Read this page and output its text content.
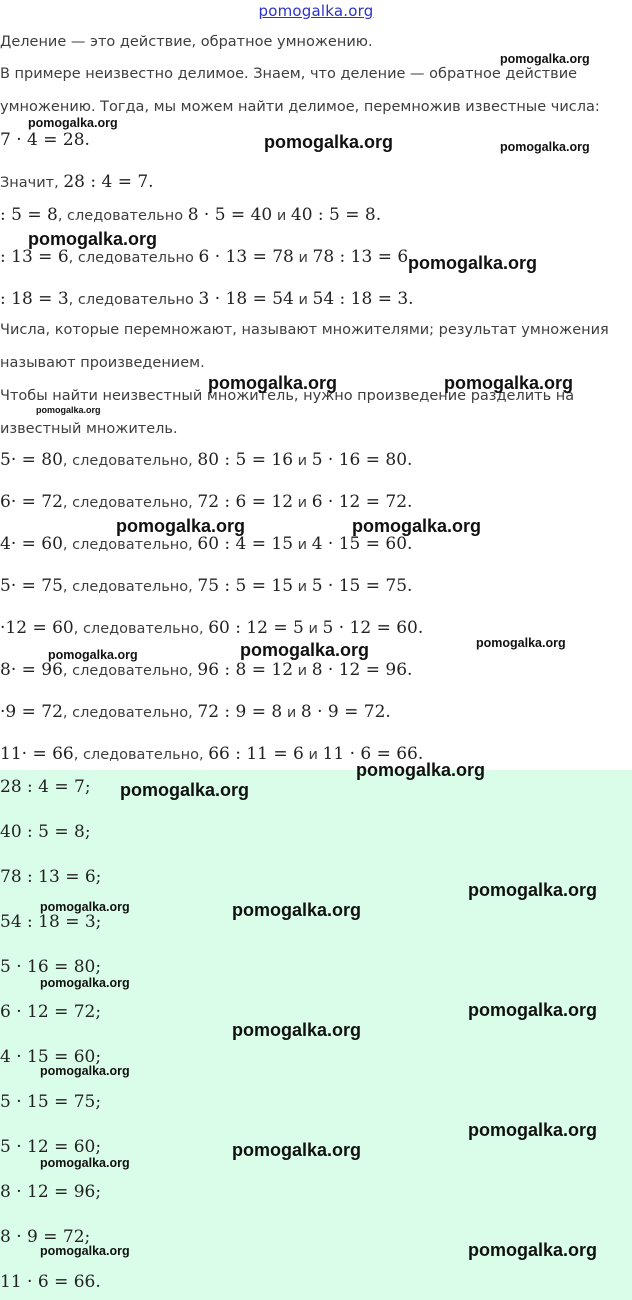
pomogalka.org
Деление — это действие, обратное умножению.
В примере неизвестно делимое. Знаем, что деление — обратное действие
умножению. Тогда, мы можем найти делимое, перемножив известные числа:
7 · 4 = 28.
Значит, 28 : 4 = 7.
: 5 = 8, следовательно 8 · 5 = 40 и 40 : 5 = 8.
: 13 = 6, следовательно 6 · 13 = 78 и 78 : 13 = 6.
: 18 = 3, следовательно 3 · 18 = 54 и 54 : 18 = 3.
Числа, которые перемножают, называют множителями; результат умножения
называют произведением.
Чтобы найти неизвестный множитель, нужно произведение разделить на
известный множитель.
5· = 80, следовательно, 80 : 5 = 16 и 5 · 16 = 80.
6· = 72, следовательно, 72 : 6 = 12 и 6 · 12 = 72.
4· = 60, следовательно, 60 : 4 = 15 и 4 · 15 = 60.
5· = 75, следовательно, 75 : 5 = 15 и 5 · 15 = 75.
·12 = 60, следовательно, 60 : 12 = 5 и 5 · 12 = 60.
8· = 96, следовательно, 96 : 8 = 12 и 8 · 12 = 96.
·9 = 72, следовательно, 72 : 9 = 8 и 8 · 9 = 72.
11· = 66, следовательно, 66 : 11 = 6 и 11 · 6 = 66.
28 : 4 = 7;
40 : 5 = 8;
78 : 13 = 6;
54 : 18 = 3;
5 · 16 = 80;
6 · 12 = 72;
4 · 15 = 60;
5 · 15 = 75;
5 · 12 = 60;
8 · 12 = 96;
8 · 9 = 72;
11 · 6 = 66.
pomogalka.org
pomogalka.org
pomogalka.org	pomogalka.org
pomogalka.org
pomogalka.org
pomogalka.org	pomogalka.org
pomogalka.org
pomogalka.org	pomogalka.org
pomogalka.org
pomogalka.org
pomogalka.org
pomogalka.org
pomogalka.org
pomogalka.org
pomogalka.org	pomogalka.org
pomogalka.org
pomogalka.org
pomogalka.org
pomogalka.org
pomogalka.org
pomogalka.org
pomogalka.org
pomogalka.org	pomogalka.org
